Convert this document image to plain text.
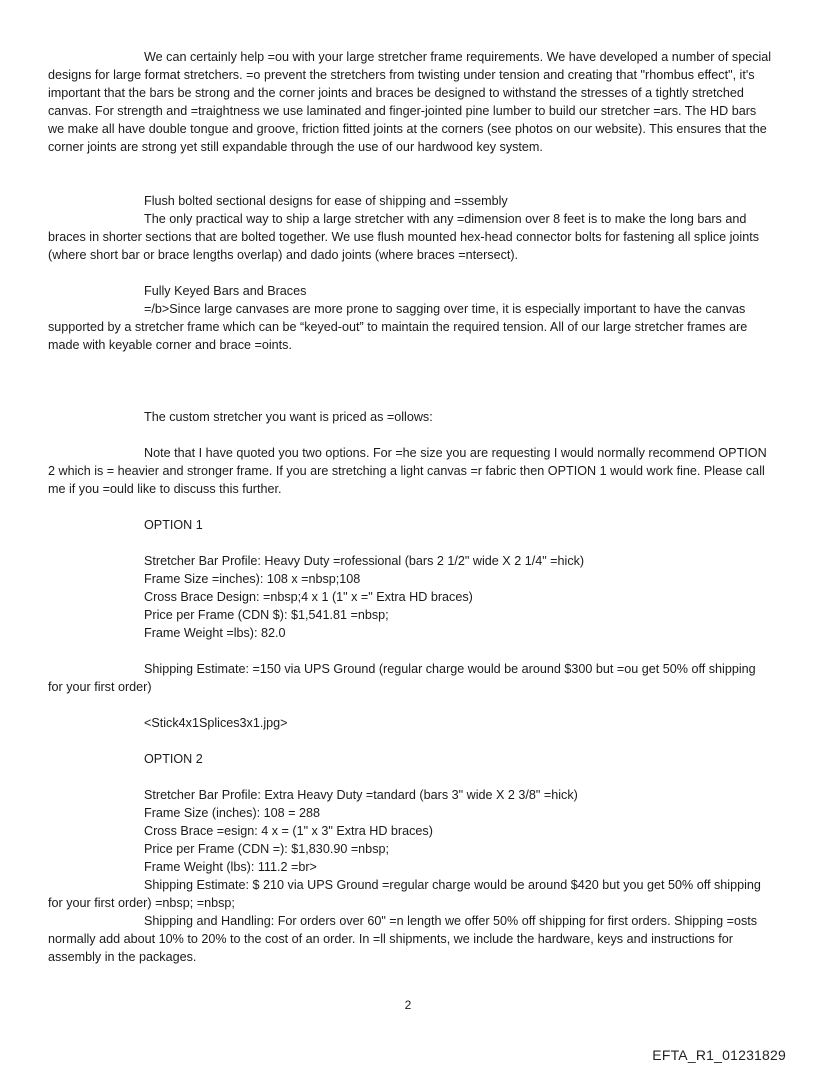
We can certainly help =ou with your large stretcher frame requirements. We have developed a number of special designs for large format stretchers. =o prevent the stretchers from twisting under tension and creating that "rhombus effect", it's important that the bars be strong and the corner joints and braces be designed to withstand the stresses of a tightly stretched canvas. For strength and =traightness we use laminated and finger-jointed pine lumber to build our stretcher =ars. The HD bars we make all have double tongue and groove, friction fitted joints at the corners (see photos on our website). This ensures that the corner joints are strong yet still expandable through the use of our hardwood key system.

Flush bolted sectional designs for ease of shipping and =ssembly

The only practical way to ship a large stretcher with any =dimension over 8 feet is to make the long bars and braces in shorter sections that are bolted together. We use flush mounted hex-head connector bolts for fastening all splice joints (where short bar or brace lengths overlap) and dado joints (where braces =ntersect).

Fully Keyed Bars and Braces

=/b>Since large canvases are more prone to sagging over time, it is especially important to have the canvas supported by a stretcher frame which can be “keyed-out” to maintain the required tension. All of our large stretcher frames are made with keyable corner and brace =oints.

The custom stretcher you want is priced as =ollows:

Note that I have quoted you two options. For =he size you are requesting I would normally recommend OPTION 2 which is = heavier and stronger frame. If you are stretching a light canvas =r fabric then OPTION 1 would work fine. Please call me if you =ould like to discuss this further.

OPTION 1

Stretcher Bar Profile: Heavy Duty =rofessional (bars 2 1/2" wide X 2 1/4" =hick)
Frame Size =inches): 108 x =nbsp;108
Cross Brace Design: =nbsp;4 x 1 (1" x =" Extra HD braces)
Price per Frame (CDN $): $1,541.81 =nbsp;
Frame Weight =lbs): 82.0

Shipping Estimate: =150 via UPS Ground (regular charge would be around $300 but =ou get 50% off shipping for your first order)

<Stick4x1Splices3x1.jpg>

OPTION 2

Stretcher Bar Profile: Extra Heavy Duty =tandard (bars 3" wide X 2 3/8" =hick)
Frame Size (inches): 108 = 288
Cross Brace =esign: 4 x = (1" x 3" Extra HD braces)
Price per Frame (CDN =): $1,830.90 =nbsp;
Frame Weight (lbs): 111.2 =br>

Shipping Estimate: $ 210 via UPS Ground =regular charge would be around $420 but you get 50% off shipping for your first order) =nbsp; =nbsp;

Shipping and Handling: For orders over 60" =n length we offer 50% off shipping for first orders. Shipping =osts normally add about 10% to 20% to the cost of an order. In =ll shipments, we include the hardware, keys and instructions for assembly in the packages.

2
EFTA_R1_01231829
